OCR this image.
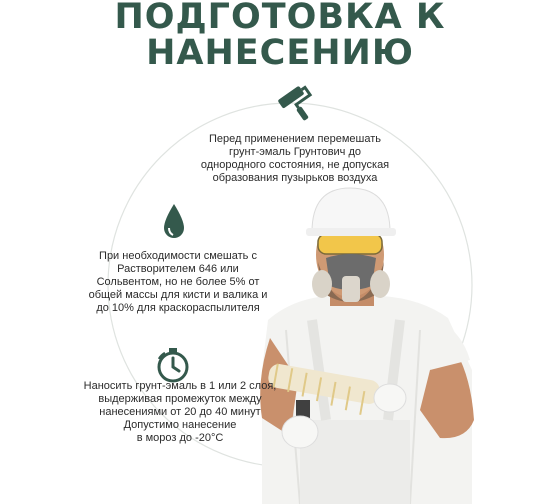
ПОДГОТОВКА К
НАНЕСЕНИЮ
Перед применением перемешать
грунт-эмаль Грунтович до
однородного состояния, не допуская
образования пузырьков воздуха
При необходимости смешать с
Растворителем 646 или
Сольвентом, но не более 5% от
общей массы для кисти и валика и
до 10% для краскораспылителя
Наносить грунт-эмаль в 1 или 2 слоя,
выдерживая промежуток между
нанесениями от 20 до 40 минут
Допустимо нанесение
в мороз до -20°C
